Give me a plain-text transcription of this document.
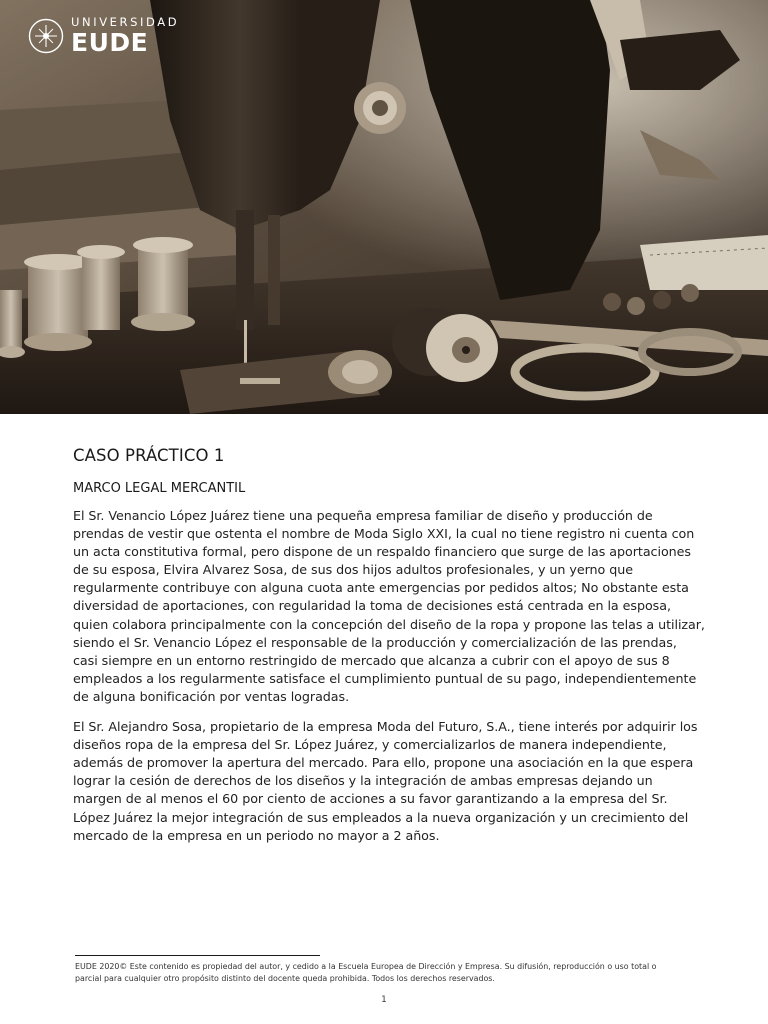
UNIVERSIDAD
EUDE
CASO PRÁCTICO 1
MARCO LEGAL MERCANTIL

El Sr. Venancio López Juárez tiene una pequeña empresa familiar de diseño y producción de prendas de vestir que ostenta el nombre de Moda Siglo XXI, la cual no tiene registro ni cuenta con un acta constitutiva formal, pero dispone de un respaldo financiero que surge de las aportaciones de su esposa, Elvira Alvarez Sosa, de sus dos hijos adultos profesionales, y un yerno que regularmente contribuye con alguna cuota ante emergencias por pedidos altos; No obstante esta diversidad de aportaciones, con regularidad la toma de decisiones está centrada en la esposa, quien colabora principalmente con la concepción del diseño de la ropa y propone las telas a utilizar, siendo el Sr. Venancio López el responsable de la producción y comercialización de las prendas, casi siempre en un entorno restringido de mercado que alcanza a cubrir con el apoyo de sus 8 empleados a los regularmente satisface el cumplimiento puntual de su pago, independientemente de alguna bonificación por ventas logradas.

El Sr. Alejandro Sosa, propietario de la empresa Moda del Futuro, S.A., tiene interés por adquirir los diseños ropa de la empresa del Sr. López Juárez, y comercializarlos de manera independiente, además de promover la apertura del mercado. Para ello, propone una asociación en la que espera lograr la cesión de derechos de los diseños y la integración de ambas empresas dejando un margen de al menos el 60 por ciento de acciones a su favor garantizando a la empresa del Sr. López Juárez la mejor integración de sus empleados a la nueva organización y un crecimiento del mercado de la empresa en un periodo no mayor a 2 años.

EUDE 2020© Este contenido es propiedad del autor, y cedido a la Escuela Europea de Dirección y Empresa. Su difusión, reproducción o uso total o parcial para cualquier otro propósito distinto del docente queda prohibida. Todos los derechos reservados.
1
